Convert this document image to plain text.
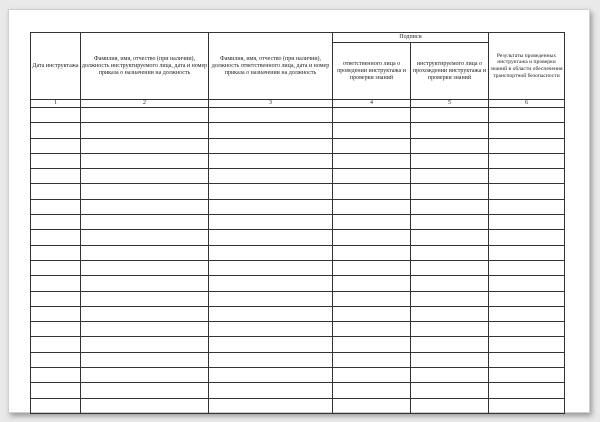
Дата инструктажа	Фамилия, имя, отчество (при наличии), должность инструктируемого лица, дата и номер приказа о назначении на должность	Фамилия, имя, отчество (при наличии), должность ответственного лица, дата и номер приказа о назначении на должность	Подписи		Результаты проведенных инструктажа и проверки знаний в области обеспечения транспортной безопасности
			ответственного лица о проведении инструктажа и проверки знаний	инструктируемого лица о прохождении инструктажа и проверки знаний	
1	2	3	4	5	6
